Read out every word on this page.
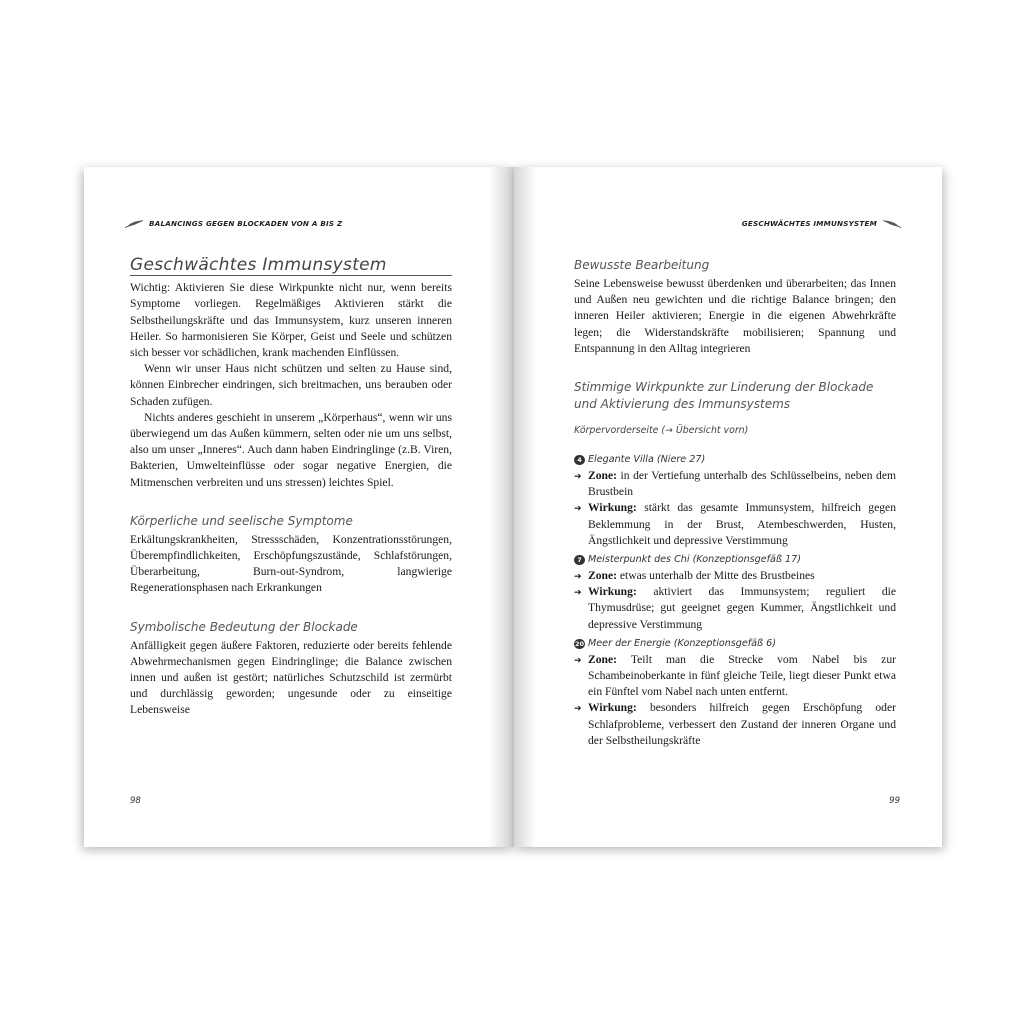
BALANCINGS GEGEN BLOCKADEN VON A BIS Z
Geschwächtes Immunsystem

Wichtig: Aktivieren Sie diese Wirkpunkte nicht nur, wenn bereits Symptome vorliegen. Regelmäßiges Aktivieren stärkt die Selbstheilungskräfte und das Immunsystem, kurz unseren inneren Heiler. So harmonisieren Sie Körper, Geist und Seele und schützen sich besser vor schädlichen, krank machenden Einflüssen.

Wenn wir unser Haus nicht schützen und selten zu Hause sind, können Einbrecher eindringen, sich breitmachen, uns berauben oder Schaden zufügen.

Nichts anderes geschieht in unserem „Körperhaus“, wenn wir uns überwiegend um das Außen kümmern, selten oder nie um uns selbst, also um unser „Inneres“. Auch dann haben Eindringlinge (z.B. Viren, Bakterien, Umwelteinflüsse oder sogar negative Energien, die Mitmenschen verbreiten und uns stressen) leichtes Spiel.

Körperliche und seelische Symptome

Erkältungskrankheiten, Stressschäden, Konzentrationsstörungen, Überempfindlichkeiten, Erschöpfungszustände, Schlafstörungen, Überarbeitung, Burn-out-Syndrom, langwierige Regenerationsphasen nach Erkrankungen

Symbolische Bedeutung der Blockade

Anfälligkeit gegen äußere Faktoren, reduzierte oder bereits fehlende Abwehrmechanismen gegen Eindringlinge; die Balance zwischen innen und außen ist gestört; natürliches Schutzschild ist zermürbt und durchlässig geworden; ungesunde oder zu einseitige Lebensweise

98
GESCHWÄCHTES IMMUNSYSTEM
Bewusste Bearbeitung

Seine Lebensweise bewusst überdenken und überarbeiten; das Innen und Außen neu gewichten und die richtige Balance bringen; den inneren Heiler aktivieren; Energie in die eigenen Abwehrkräfte legen; die Widerstandskräfte mobilisieren; Spannung und Entspannung in den Alltag integrieren

Stimmige Wirkpunkte zur Linderung der Blockade und Aktivierung des Immunsystems
Körpervorderseite (→ Übersicht vorn)
4 Elegante Villa (Niere 27)
➔ Zone: in der Vertiefung unterhalb des Schlüsselbeins, neben dem Brustbein
➔ Wirkung: stärkt das gesamte Immunsystem, hilfreich gegen Beklemmung in der Brust, Atembeschwerden, Husten, Ängstlichkeit und depressive Verstimmung
7 Meisterpunkt des Chi (Konzeptionsgefäß 17)
➔ Zone: etwas unterhalb der Mitte des Brustbeines
➔ Wirkung: aktiviert das Immunsystem; reguliert die Thymusdrüse; gut geeignet gegen Kummer, Ängstlichkeit und depressive Verstimmung
20 Meer der Energie (Konzeptionsgefäß 6)
➔ Zone: Teilt man die Strecke vom Nabel bis zur Schambeinoberkante in fünf gleiche Teile, liegt dieser Punkt etwa ein Fünftel vom Nabel nach unten entfernt.
➔ Wirkung: besonders hilfreich gegen Erschöpfung oder Schlafprobleme, verbessert den Zustand der inneren Organe und der Selbstheilungskräfte
99
